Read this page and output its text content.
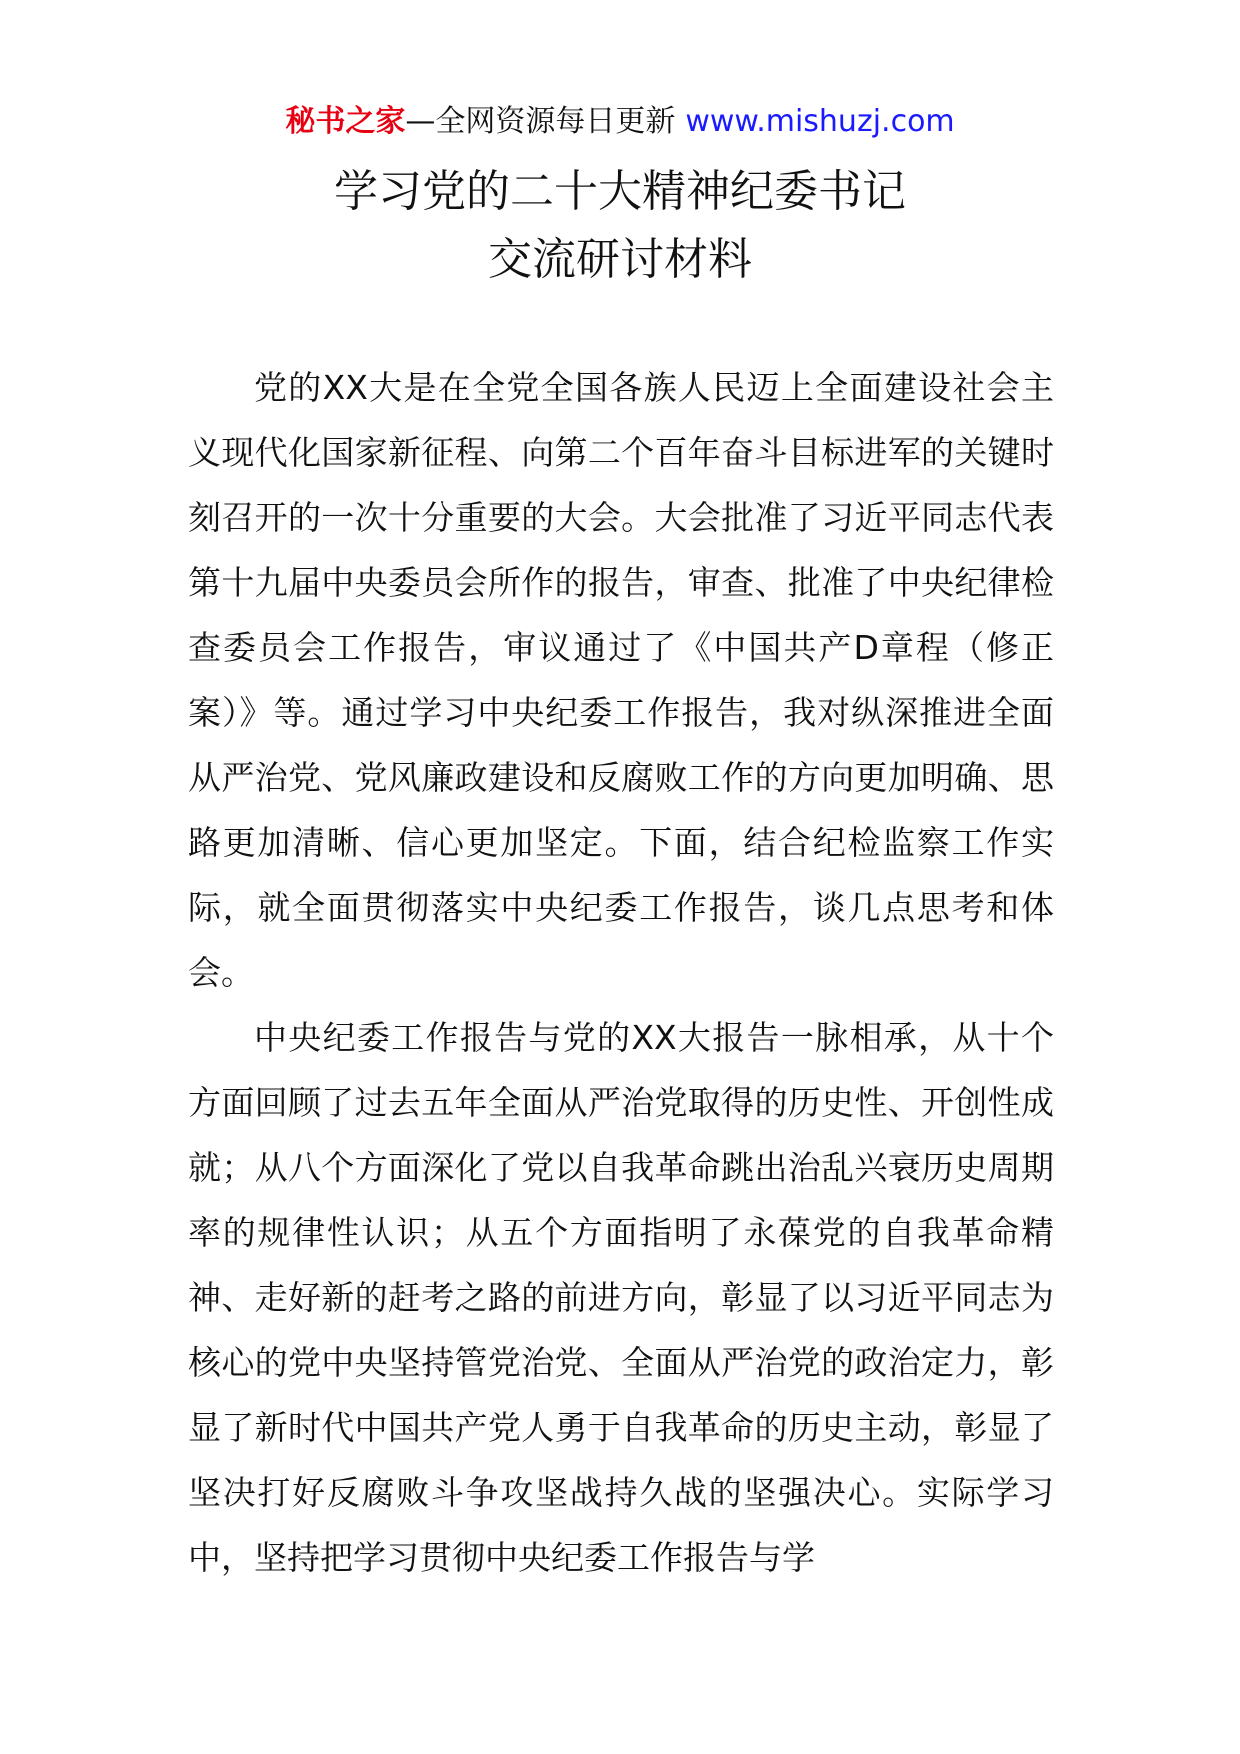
秘书之家—全网资源每日更新 www.mishuzj.com
学习党的二十大精神纪委书记
交流研讨材料

党的XX大是在全党全国各族人民迈上全面建设社会主义现代化国家新征程、向第二个百年奋斗目标进军的关键时刻召开的一次十分重要的大会。大会批准了习近平同志代表第十九届中央委员会所作的报告，审查、批准了中央纪律检查委员会工作报告，审议通过了《中国共产D章程（修正案）》等。通过学习中央纪委工作报告，我对纵深推进全面从严治党、党风廉政建设和反腐败工作的方向更加明确、思路更加清晰、信心更加坚定。下面，结合纪检监察工作实际，就全面贯彻落实中央纪委工作报告，谈几点思考和体会。

中央纪委工作报告与党的XX大报告一脉相承，从十个方面回顾了过去五年全面从严治党取得的历史性、开创性成就；从八个方面深化了党以自我革命跳出治乱兴衰历史周期率的规律性认识；从五个方面指明了永葆党的自我革命精神、走好新的赶考之路的前进方向，彰显了以习近平同志为核心的党中央坚持管党治党、全面从严治党的政治定力，彰显了新时代中国共产党人勇于自我革命的历史主动，彰显了坚决打好反腐败斗争攻坚战持久战的坚强决心。实际学习中，坚持把学习贯彻中央纪委工作报告与学
